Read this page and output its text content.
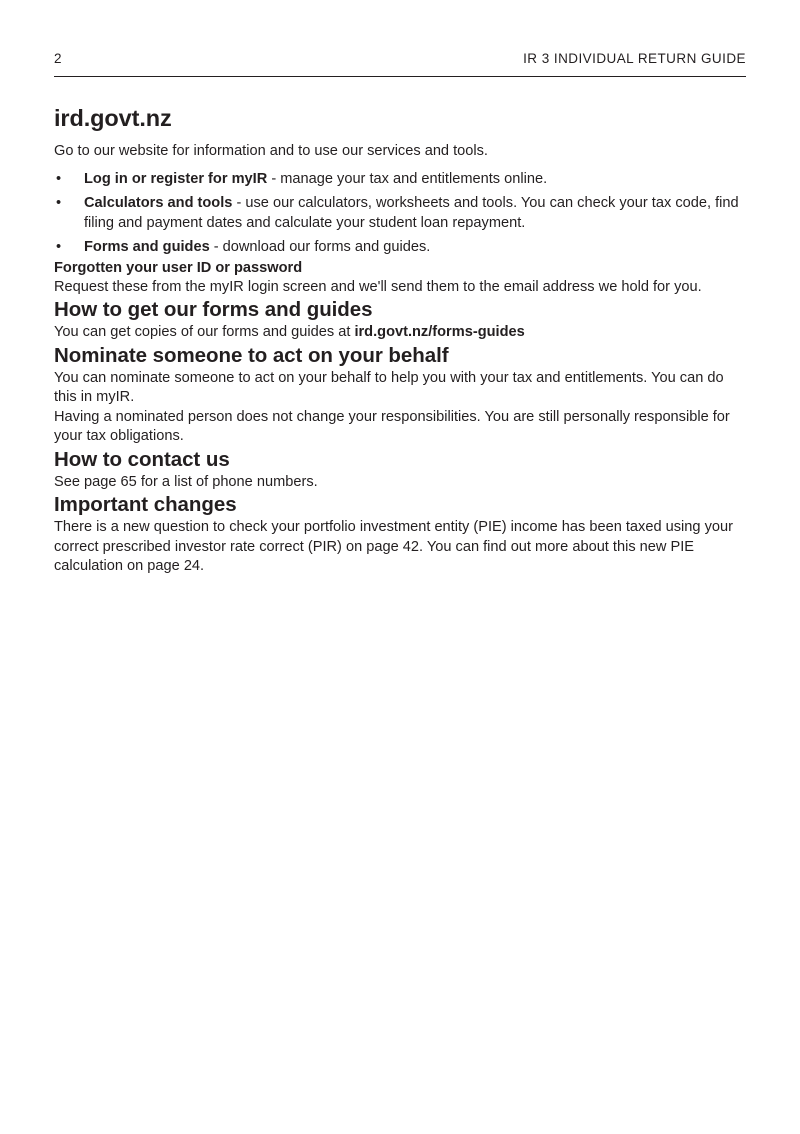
2	IR 3 INDIVIDUAL RETURN GUIDE
ird.govt.nz

Go to our website for information and to use our services and tools.

• Log in or register for myIR - manage your tax and entitlements online.
• Calculators and tools - use our calculators, worksheets and tools. You can check your tax code, find filing and payment dates and calculate your student loan repayment.
• Forms and guides - download our forms and guides.
Forgotten your user ID or password

Request these from the myIR login screen and we'll send them to the email address we hold for you.

How to get our forms and guides

You can get copies of our forms and guides at ird.govt.nz/forms-guides

Nominate someone to act on your behalf

You can nominate someone to act on your behalf to help you with your tax and entitlements. You can do this in myIR.

Having a nominated person does not change your responsibilities. You are still personally responsible for your tax obligations.

How to contact us

See page 65 for a list of phone numbers.

Important changes

There is a new question to check your portfolio investment entity (PIE) income has been taxed using your correct prescribed investor rate correct (PIR) on page 42. You can find out more about this new PIE calculation on page 24.
